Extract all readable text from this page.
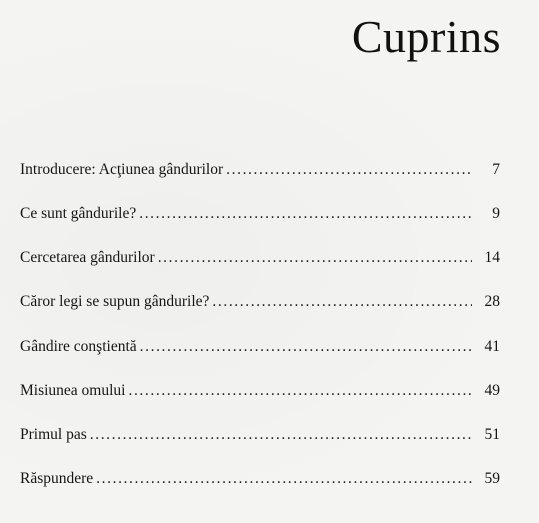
Cuprins
Introducere: Acţiunea gândurilor .....	7
Ce sunt gândurile? .....	9
Cercetarea gândurilor .....	14
Căror legi se supun gândurile? .....	28
Gândire conştientă .....	41
Misiunea omului .....	49
Primul pas .....	51
Răspundere .....	59
